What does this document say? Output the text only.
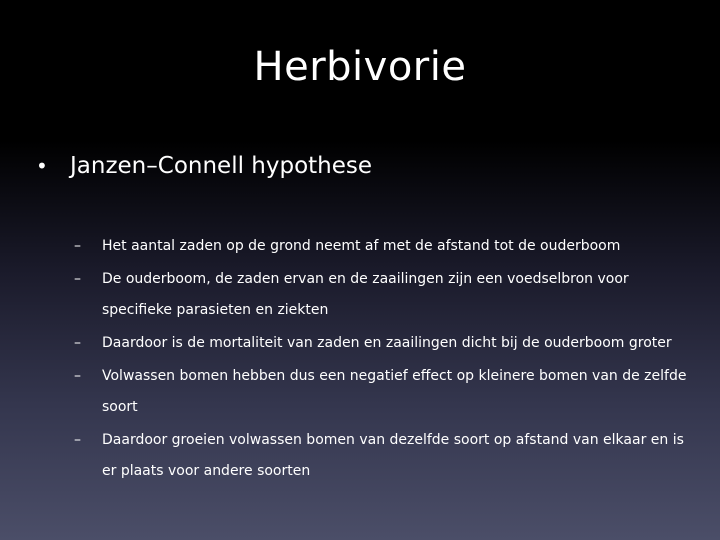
Herbivorie
• Janzen–Connell hypothese
– Het aantal zaden op de grond neemt af met de afstand tot de ouderboom
– De ouderboom, de zaden ervan en de zaailingen zijn een voedselbron voor specifieke parasieten en ziekten
– Daardoor is de mortaliteit van zaden en zaailingen dicht bij de ouderboom groter
– Volwassen bomen hebben dus een negatief effect op kleinere bomen van de zelfde soort
– Daardoor groeien volwassen bomen van dezelfde soort op afstand van elkaar en is er plaats voor andere soorten
